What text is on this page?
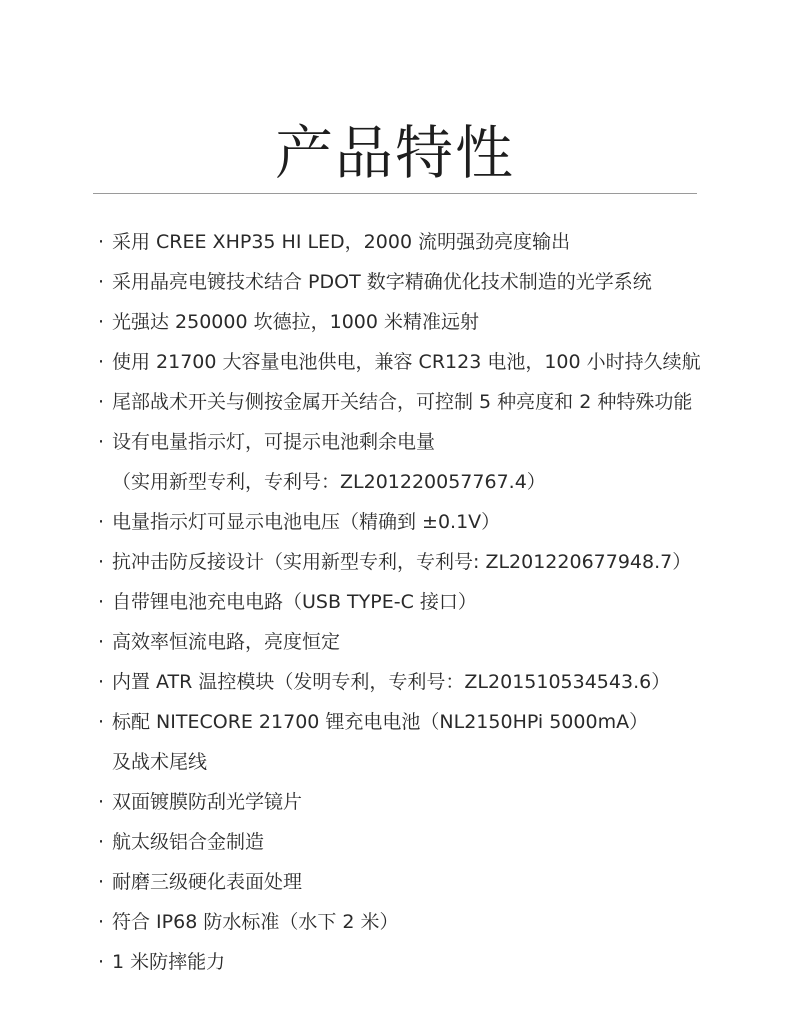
产品特性
· 采用 CREE XHP35 HI LED，2000 流明强劲亮度输出
· 采用晶亮电镀技术结合 PDOT 数字精确优化技术制造的光学系统
· 光强达 250000 坎德拉，1000 米精准远射
· 使用 21700 大容量电池供电，兼容 CR123 电池，100 小时持久续航
· 尾部战术开关与侧按金属开关结合，可控制 5 种亮度和 2 种特殊功能
· 设有电量指示灯，可提示电池剩余电量
（实用新型专利，专利号：ZL201220057767.4）
· 电量指示灯可显示电池电压（精确到 ±0.1V）
· 抗冲击防反接设计（实用新型专利，专利号: ZL201220677948.7）
· 自带锂电池充电电路（USB TYPE-C 接口）
· 高效率恒流电路，亮度恒定
· 内置 ATR 温控模块（发明专利，专利号：ZL201510534543.6）
· 标配 NITECORE 21700 锂充电电池（NL2150HPi 5000mA）
及战术尾线
· 双面镀膜防刮光学镜片
· 航太级铝合金制造
· 耐磨三级硬化表面处理
· 符合 IP68 防水标准（水下 2 米）
· 1 米防摔能力
